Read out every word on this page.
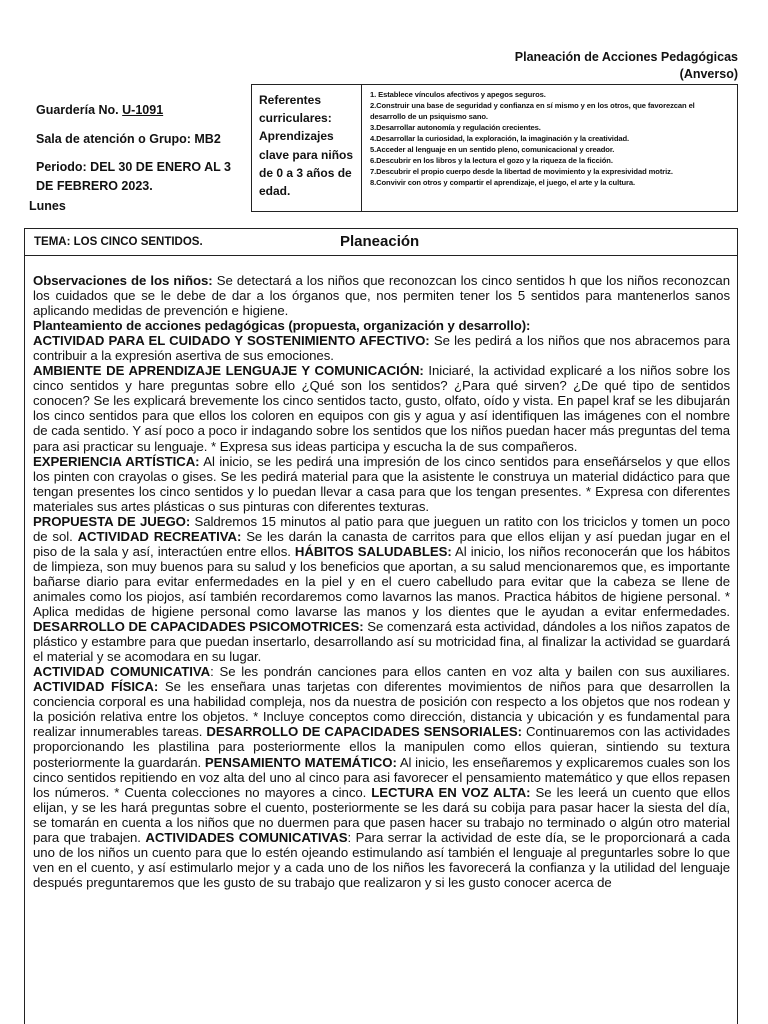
Planeación de Acciones Pedagógicas
(Anverso)
Guardería No. U-1091
Sala de atención o Grupo: MB2
Periodo: DEL 30 DE ENERO AL 3 DE FEBRERO 2023.
Lunes
Referentes curriculares: Aprendizajes clave para niños de 0 a 3 años de edad.

1. Establece vínculos afectivos y apegos seguros.

2.Construir una base de seguridad y confianza en sí mismo y en los otros, que favorezcan el desarrollo de un psiquismo sano.

3.Desarrollar autonomía y regulación crecientes.

4.Desarrollar la curiosidad, la exploración, la imaginación y la creatividad.

5.Acceder al lenguaje en un sentido pleno, comunicacional y creador.

6.Descubrir en los libros y la lectura el gozo y la riqueza de la ficción.

7.Descubrir el propio cuerpo desde la libertad de movimiento y la expresividad motriz.

8.Convivir con otros y compartir el aprendizaje, el juego, el arte y la cultura.

TEMA: LOS CINCO SENTIDOS.	Planeación

Observaciones de los niños: Se detectará a los niños que reconozcan los cinco sentidos h que los niños reconozcan los cuidados que se le debe de dar a los órganos que, nos permiten tener los 5 sentidos para mantenerlos sanos aplicando medidas de prevención e higiene.

Planteamiento de acciones pedagógicas (propuesta, organización y desarrollo):

ACTIVIDAD PARA EL CUIDADO Y SOSTENIMIENTO AFECTIVO: Se les pedirá a los niños que nos abracemos para contribuir a la expresión asertiva de sus emociones.

AMBIENTE DE APRENDIZAJE LENGUAJE Y COMUNICACIÓN: Iniciaré, la actividad explicaré a los niños sobre los cinco sentidos y hare preguntas sobre ello ¿Qué son los sentidos? ¿Para qué sirven? ¿De qué tipo de sentidos conocen? Se les explicará brevemente los cinco sentidos tacto, gusto, olfato, oído y vista. En papel kraf se les dibujarán los cinco sentidos para que ellos los coloren en equipos con gis y agua y así identifiquen las imágenes con el nombre de cada sentido. Y así poco a poco ir indagando sobre los sentidos que los niños puedan hacer más preguntas del tema para asi practicar su lenguaje. * Expresa sus ideas participa y escucha la de sus compañeros.

EXPERIENCIA ARTÍSTICA: Al inicio, se les pedirá una impresión de los cinco sentidos para enseñárselos y que ellos los pinten con crayolas o gises. Se les pedirá material para que la asistente le construya un material didáctico para que tengan presentes los cinco sentidos y lo puedan llevar a casa para que los tengan presentes. * Expresa con diferentes materiales sus artes plásticas o sus pinturas con diferentes texturas.

PROPUESTA DE JUEGO: Saldremos 15 minutos al patio para que jueguen un ratito con los triciclos y tomen un poco de sol. ACTIVIDAD RECREATIVA: Se les darán la canasta de carritos para que ellos elijan y así puedan jugar en el piso de la sala y así, interactúen entre ellos. HÁBITOS SALUDABLES: Al inicio, los niños reconocerán que los hábitos de limpieza, son muy buenos para su salud y los beneficios que aportan, a su salud mencionaremos que, es importante bañarse diario para evitar enfermedades en la piel y en el cuero cabelludo para evitar que la cabeza se llene de animales como los piojos, así también recordaremos como lavarnos las manos. Practica hábitos de higiene personal. * Aplica medidas de higiene personal como lavarse las manos y los dientes que le ayudan a evitar enfermedades. DESARROLLO DE CAPACIDADES PSICOMOTRICES: Se comenzará esta actividad, dándoles a los niños zapatos de plástico y estambre para que puedan insertarlo, desarrollando así su motricidad fina, al finalizar la actividad se guardará el material y se acomodara en su lugar.

ACTIVIDAD COMUNICATIVA: Se les pondrán canciones para ellos canten en voz alta y bailen con sus auxiliares. ACTIVIDAD FÍSICA: Se les enseñara unas tarjetas con diferentes movimientos de niños para que desarrollen la conciencia corporal es una habilidad compleja, nos da nuestra de posición con respecto a los objetos que nos rodean y la posición relativa entre los objetos. * Incluye conceptos como dirección, distancia y ubicación y es fundamental para realizar innumerables tareas. DESARROLLO DE CAPACIDADES SENSORIALES: Continuaremos con las actividades proporcionando les plastilina para posteriormente ellos la manipulen como ellos quieran, sintiendo su textura posteriormente la guardarán. PENSAMIENTO MATEMÁTICO: Al inicio, les enseñaremos y explicaremos cuales son los cinco sentidos repitiendo en voz alta del uno al cinco para asi favorecer el pensamiento matemático y que ellos repasen los números. * Cuenta colecciones no mayores a cinco. LECTURA EN VOZ ALTA: Se les leerá un cuento que ellos elijan, y se les hará preguntas sobre el cuento, posteriormente se les dará su cobija para pasar hacer la siesta del día, se tomarán en cuenta a los niños que no duermen para que pasen hacer su trabajo no terminado o algún otro material para que trabajen. ACTIVIDADES COMUNICATIVAS: Para serrar la actividad de este día, se le proporcionará a cada uno de los niños un cuento para que lo estén ojeando estimulando así también el lenguaje al preguntarles sobre lo que ven en el cuento, y así estimularlo mejor y a cada uno de los niños les favorecerá la confianza y la utilidad del lenguaje después preguntaremos que les gusto de su trabajo que realizaron y si les gusto conocer acerca de
